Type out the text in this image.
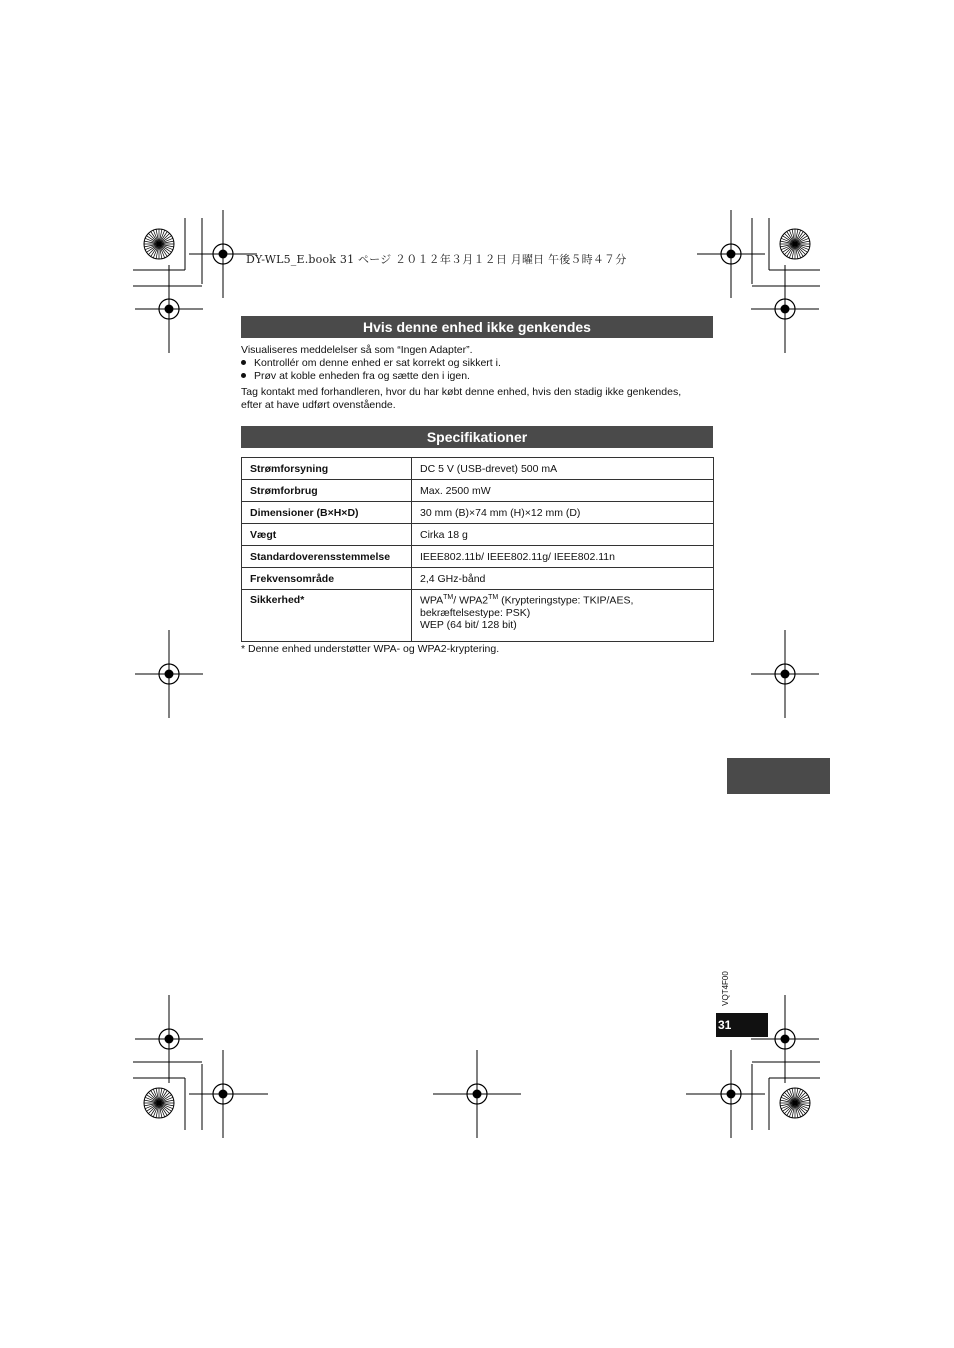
DY-WL5_E.book 31 ページ ２０１２年３月１２日 月曜日 午後５時４７分
Hvis denne enhed ikke genkendes
Visualiseres meddelelser så som “Ingen Adapter”.
Kontrollér om denne enhed er sat korrekt og sikkert i.
Prøv at koble enheden fra og sætte den i igen.
Tag kontakt med forhandleren, hvor du har købt denne enhed, hvis den stadig ikke genkendes,
efter at have udført ovenstående.
Specifikationer
Strømforsyning	DC 5 V (USB-drevet) 500 mA
Strømforbrug	Max. 2500 mW
Dimensioner (B×H×D)	30 mm (B)×74 mm (H)×12 mm (D)
Vægt	Cirka 18 g
Standardoverensstemmelse	IEEE802.11b/ IEEE802.11g/ IEEE802.11n
Frekvensområde	2,4 GHz-bånd
Sikkerhed*	WPA™/ WPA2™ (Krypteringstype: TKIP/AES,
bekræftelsestype: PSK)
WEP (64 bit/ 128 bit)
* Denne enhed understøtter WPA- og WPA2-kryptering.
VQT4F00
31
